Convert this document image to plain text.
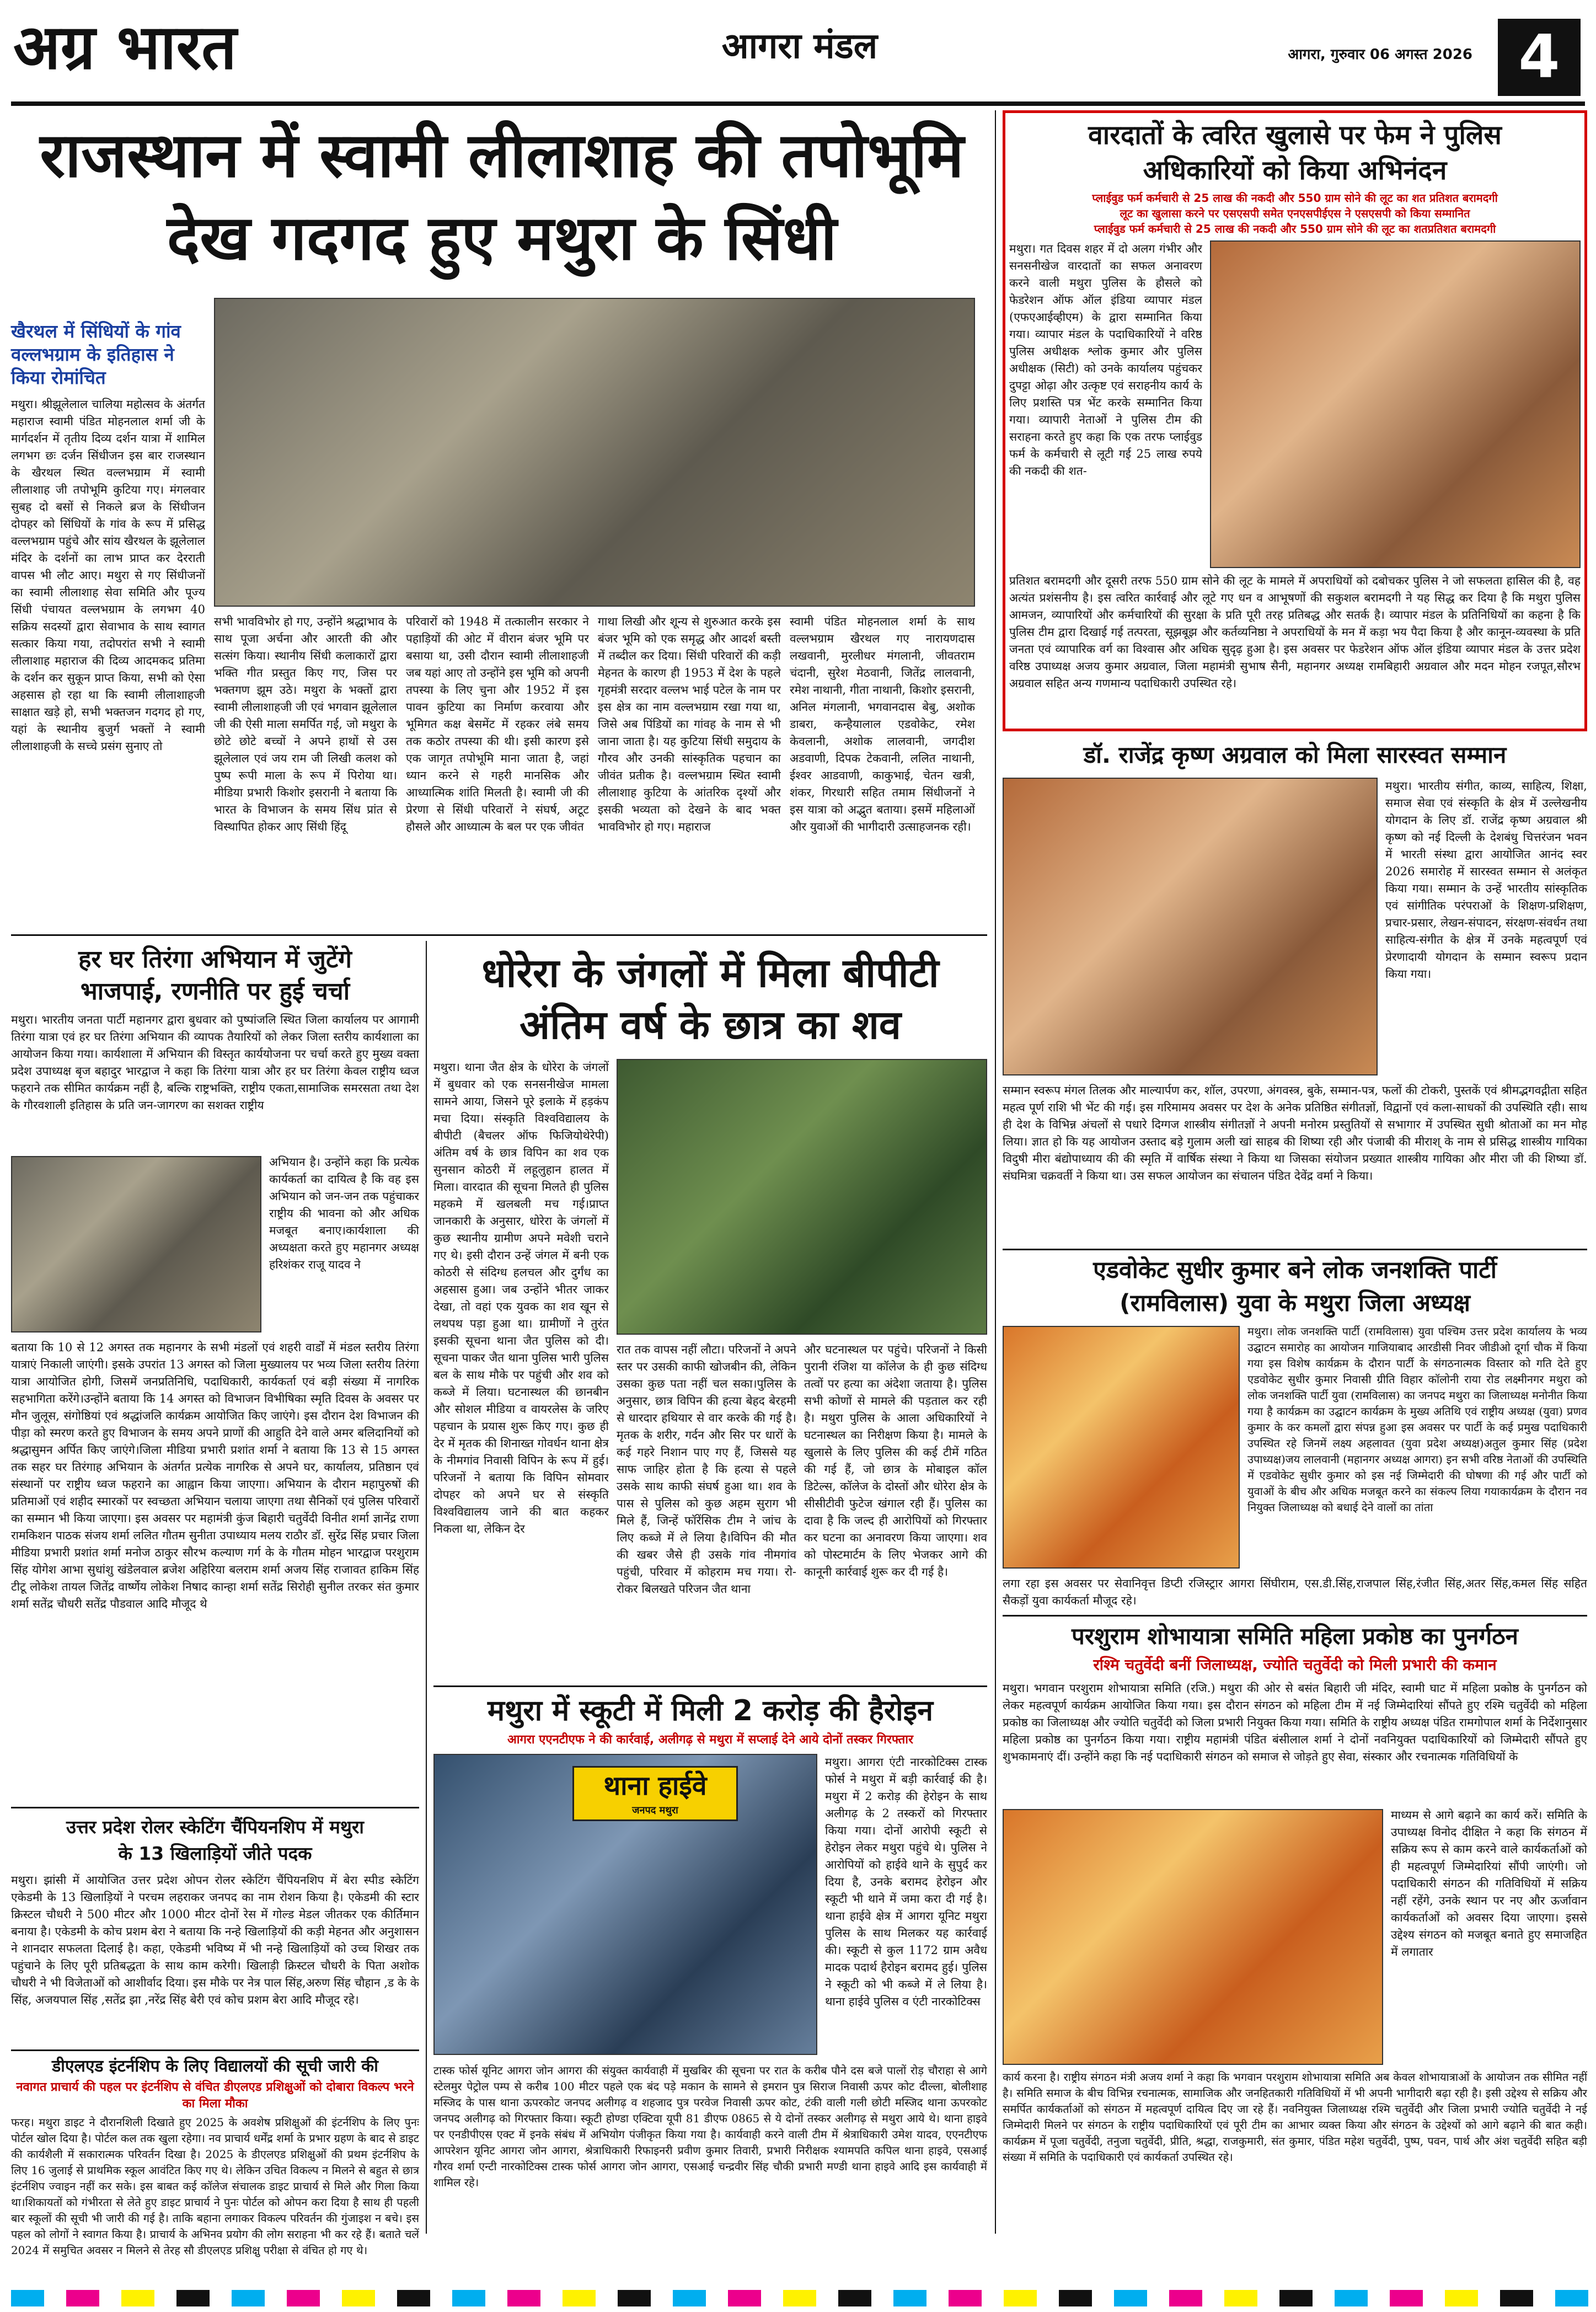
अग्र भारत	आगरा मंडल	आगरा, गुरुवार 06 अगस्त 2026 4
राजस्थान में स्वामी लीलाशाह की तपोभूमि
देख गदगद हुए मथुरा के सिंधी
खैरथल में सिंधियों के गांव वल्लभग्राम के इतिहास ने किया रोमांचित
मथुरा। श्रीझूलेलाल चालिया महोत्सव के अंतर्गत महाराज स्वामी पंडित मोहनलाल शर्मा जी के मार्गदर्शन में तृतीय दिव्य दर्शन यात्रा में शामिल लगभग छः दर्जन सिंधीजन इस बार राजस्थान के खैरथल स्थित वल्लभग्राम में स्वामी लीलाशाह जी तपोभूमि कुटिया गए। मंगलवार सुबह दो बसों से निकले ब्रज के सिंधीजन दोपहर को सिंधियों के गांव के रूप में प्रसिद्ध वल्लभग्राम पहुंचे और सांय खैरथल के झूलेलाल मंदिर के दर्शनों का लाभ प्राप्त कर देरराती वापस भी लौट आए। मथुरा से गए सिंधीजनों का स्वामी लीलाशाह सेवा समिति और पूज्य सिंधी पंचायत वल्लभग्राम के लगभग 40 सक्रिय सदस्यों द्वारा सेवाभाव के साथ स्वागत सत्कार किया गया, तदोपरांत सभी ने स्वामी लीलाशाह महाराज की दिव्य आदमकद प्रतिमा के दर्शन कर सुकून प्राप्त किया, सभी को ऐसा अहसास हो रहा था कि स्वामी लीलाशाहजी साक्षात खड़े हो, सभी भक्तजन गदगद हो गए, यहां के स्थानीय बुजुर्ग भक्तों ने स्वामी लीलाशाहजी के सच्चे प्रसंग सुनाए तो
सभी भावविभोर हो गए, उन्होंने श्रद्धाभाव के साथ पूजा अर्चना और आरती की और सत्संग किया। स्थानीय सिंधी कलाकारों द्वारा भक्ति गीत प्रस्तुत किए गए, जिस पर भक्तगण झूम उठे। मथुरा के भक्तों द्वारा स्वामी लीलाशाहजी जी एवं भगवान झूलेलाल जी की ऐसी माला समर्पित गई, जो मथुरा के छोटे छोटे बच्चों ने अपने हाथों से उस झूलेलाल एवं जय राम जी लिखी कलश को पुष्प रूपी माला के रूप में पिरोया था। मीडिया प्रभारी किशोर इसरानी ने बताया कि भारत के विभाजन के समय सिंध प्रांत से विस्थापित होकर आए सिंधी हिंदू
परिवारों को 1948 में तत्कालीन सरकार ने पहाड़ियों की ओट में वीरान बंजर भूमि पर बसाया था, उसी दौरान स्वामी लीलाशाहजी जब यहां आए तो उन्होंने इस भूमि को अपनी तपस्या के लिए चुना और 1952 में इस पावन कुटिया का निर्माण करवाया और भूमिगत कक्ष बेसमेंट में रहकर लंबे समय तक कठोर तपस्या की थी। इसी कारण इसे एक जागृत तपोभूमि माना जाता है, जहां ध्यान करने से गहरी मानसिक और आध्यात्मिक शांति मिलती है। स्वामी जी की प्रेरणा से सिंधी परिवारों ने संघर्ष, अटूट हौसले और आध्यात्म के बल पर एक जीवंत
गाथा लिखी और शून्य से शुरुआत करके इस बंजर भूमि को एक समृद्ध और आदर्श बस्ती में तब्दील कर दिया। सिंधी परिवारों की कड़ी मेहनत के कारण ही 1953 में देश के पहले गृहमंत्री सरदार वल्लभ भाई पटेल के नाम पर इस क्षेत्र का नाम वल्लभग्राम रखा गया था, जिसे अब पिंडियों का गांवह के नाम से भी जाना जाता है। यह कुटिया सिंधी समुदाय के गौरव और उनकी सांस्कृतिक पहचान का जीवंत प्रतीक है। वल्लभग्राम स्थित स्वामी लीलाशाह कुटिया के आंतरिक दृश्यों और इसकी भव्यता को देखने के बाद भक्त भावविभोर हो गए। महाराज
स्वामी पंडित मोहनलाल शर्मा के साथ वल्लभग्राम खैरथल गए नारायणदास लखवानी, मुरलीधर मंगलानी, जीवतराम चंदानी, सुरेश मेठवानी, जितेंद्र लालवानी, रमेश नाथानी, गीता नाथानी, किशोर इसरानी, अनिल मंगलानी, भगवानदास बेबु, अशोक डाबरा, कन्हैयालाल एडवोकेट, रमेश केवलानी, अशोक लालवानी, जगदीश अडवाणी, दिपक टेकवानी, ललित नाथानी, ईश्वर आडवाणी, काकुभाई, चेतन खत्री, शंकर, गिरधारी सहित तमाम सिंधीजनों ने इस यात्रा को अद्भुत बताया। इसमें महिलाओं और युवाओं की भागीदारी उत्साहजनक रही।
हर घर तिरंगा अभियान में जुटेंगे
भाजपाई, रणनीति पर हुई चर्चा
मथुरा। भारतीय जनता पार्टी महानगर द्वारा बुधवार को पुष्पांजलि स्थित जिला कार्यालय पर आगामी तिरंगा यात्रा एवं हर घर तिरंगा अभियान की व्यापक तैयारियों को लेकर जिला स्तरीय कार्यशाला का आयोजन किया गया। कार्यशाला में अभियान की विस्तृत कार्ययोजना पर चर्चा करते हुए मुख्य वक्ता प्रदेश उपाध्यक्ष बृज बहादुर भारद्वाज ने कहा कि तिरंगा यात्रा और हर घर तिरंगा केवल राष्ट्रीय ध्वज फहराने तक सीमित कार्यक्रम नहीं है, बल्कि राष्ट्रभक्ति, राष्ट्रीय एकता,सामाजिक समरसता तथा देश के गौरवशाली इतिहास के प्रति जन-जागरण का सशक्त राष्ट्रीय
अभियान है। उन्होंने कहा कि प्रत्येक कार्यकर्ता का दायित्व है कि वह इस अभियान को जन-जन तक पहुंचाकर राष्ट्रीय की भावना को और अधिक मजबूत बनाए।कार्यशाला की अध्यक्षता करते हुए महानगर अध्यक्ष हरिशंकर राजू यादव ने
बताया कि 10 से 12 अगस्त तक महानगर के सभी मंडलों एवं शहरी वार्डों में मंडल स्तरीय तिरंगा यात्राएं निकाली जाएंगी। इसके उपरांत 13 अगस्त को जिला मुख्यालय पर भव्य जिला स्तरीय तिरंगा यात्रा आयोजित होगी, जिसमें जनप्रतिनिधि, पदाधिकारी, कार्यकर्ता एवं बड़ी संख्या में नागरिक सहभागिता करेंगे।उन्होंने बताया कि 14 अगस्त को विभाजन विभीषिका स्मृति दिवस के अवसर पर मौन जुलूस, संगोष्ठियां एवं श्रद्धांजलि कार्यक्रम आयोजित किए जाएंगे। इस दौरान देश विभाजन की पीड़ा को स्मरण करते हुए विभाजन के समय अपने प्राणों की आहुति देने वाले अमर बलिदानियों को श्रद्धासुमन अर्पित किए जाएंगे।जिला मीडिया प्रभारी प्रशांत शर्मा ने बताया कि 13 से 15 अगस्त तक सहर घर तिरंगाह अभियान के अंतर्गत प्रत्येक नागरिक से अपने घर, कार्यालय, प्रतिष्ठान एवं संस्थानों पर राष्ट्रीय ध्वज फहराने का आह्वान किया जाएगा। अभियान के दौरान महापुरुषों की प्रतिमाओं एवं शहीद स्मारकों पर स्वच्छता अभियान चलाया जाएगा तथा सैनिकों एवं पुलिस परिवारों का सम्मान भी किया जाएगा। इस अवसर पर महामंत्री कुंज बिहारी चतुर्वेदी विनीत शर्मा ज्ञानेंद्र राणा रामकिशन पाठक संजय शर्मा ललित गौतम सुनीता उपाध्याय मलय राठौर डॉ. सुरेंद्र सिंह प्रचार जिला मीडिया प्रभारी प्रशांत शर्मा मनोज ठाकुर सौरभ कल्याण गर्ग के के गौतम मोहन भारद्वाज परशुराम सिंह योगेश आभा सुधांशु खंडेलवाल ब्रजेश अहिरिया बलराम शर्मा अजय सिंह राजावत हाकिम सिंह टीटू लोकेश तायल जितेंद्र वार्ष्णेय लोकेश निषाद कान्हा शर्मा सतेंद्र सिरोही सुनील तरकर संत कुमार शर्मा सतेंद्र चौधरी सतेंद्र पौडवाल आदि मौजूद थे
उत्तर प्रदेश रोलर स्केटिंग चैंपियनशिप में मथुरा
के 13 खिलाड़ियों जीते पदक
मथुरा। झांसी में आयोजित उत्तर प्रदेश ओपन रोलर स्केटिंग चैंपियनशिप में बेरा स्पीड स्केटिंग एकेडमी के 13 खिलाड़ियों ने परचम लहराकर जनपद का नाम रोशन किया है। एकेडमी की स्टार क्रिस्टल चौधरी ने 500 मीटर और 1000 मीटर दोनों रेस में गोल्ड मेडल जीतकर एक कीर्तिमान बनाया है। एकेडमी के कोच प्रशम बेरा ने बताया कि नन्हे खिलाड़ियों की कड़ी मेहनत और अनुशासन ने शानदार सफलता दिलाई है। कहा, एकेडमी भविष्य में भी नन्हे खिलाड़ियों को उच्च शिखर तक पहुंचाने के लिए पूरी प्रतिबद्धता के साथ काम करेगी। खिलाड़ी क्रिस्टल चौधरी के पिता अशोक चौधरी ने भी विजेताओं को आशीर्वाद दिया। इस मौके पर नेत्र पाल सिंह,अरुण सिंह चौहान ,ड के के सिंह, अजयपाल सिंह ,सतेंद्र झा ,नरेंद्र सिंह बेरी एवं कोच प्रशम बेरा आदि मौजूद रहे।
डीएलएड इंटर्नशिप के लिए विद्यालयों की सूची जारी की
नवागत प्राचार्य की पहल पर इंटर्नशिप से वंचित डीएलएड प्रशिक्षुओं को दोबारा विकल्प भरने का मिला मौका
फरह। मथुरा डाइट ने दौरानशिली दिखाते हुए 2025 के अवशेष प्रशिक्षुओं की इंटर्नशिप के लिए पुनः पोर्टल खोल दिया है। पोर्टल कल तक खुला रहेगा। नव प्राचार्य धर्मेंद्र शर्मा के प्रभार ग्रहण के बाद से डाइट की कार्यशैली में सकारात्मक परिवर्तन दिखा है। 2025 के डीएलएड प्रशिक्षुओं की प्रथम इंटर्नशिप के लिए 16 जुलाई से प्राथमिक स्कूल आवंटित किए गए थे। लेकिन उचित विकल्प न मिलने से बहुत से छात्र इंटर्नशिप ज्वाइन नहीं कर सके। इस बाबत कई कॉलेज संचालक डाइट प्राचार्य से मिले और गिला किया था।शिकायतों को गंभीरता से लेते हुए डाइट प्राचार्य ने पुनः पोर्टल को ओपन करा दिया है साथ ही पहली बार स्कूलों की सूची भी जारी की गई है। ताकि बहाना लगाकर विकल्प परिवर्तन की गुंजाइश न बचे। इस पहल को लोगों ने स्वागत किया है। प्राचार्य के अभिनव प्रयोग की लोग सराहना भी कर रहे हैं। बताते चलें 2024 में समुचित अवसर न मिलने से तेरह सौ डीएलएड प्रशिक्षु परीक्षा से वंचित हो गए थे।
धोरेरा के जंगलों में मिला बीपीटी
अंतिम वर्ष के छात्र का शव
मथुरा। थाना जैत क्षेत्र के धोरेरा के जंगलों में बुधवार को एक सनसनीखेज मामला सामने आया, जिसने पूरे इलाके में हड़कंप मचा दिया। संस्कृति विश्वविद्यालय के बीपीटी (बैचलर ऑफ फिजियोथेरेपी) अंतिम वर्ष के छात्र विपिन का शव एक सुनसान कोठरी में लहूलुहान हालत में मिला। वारदात की सूचना मिलते ही पुलिस महकमे में खलबली मच गई।प्राप्त जानकारी के अनुसार, धोरेरा के जंगलों में कुछ स्थानीय ग्रामीण अपने मवेशी चराने गए थे। इसी दौरान उन्हें जंगल में बनी एक कोठरी से संदिग्ध हलचल और दुर्गंध का अहसास हुआ। जब उन्होंने भीतर जाकर देखा, तो वहां एक युवक का शव खून से लथपथ पड़ा हुआ था। ग्रामीणों ने तुरंत इसकी सूचना थाना जैत पुलिस को दी।सूचना पाकर जैत थाना पुलिस भारी पुलिस बल के साथ मौके पर पहुंची और शव को कब्जे में लिया। घटनास्थल की छानबीन और सोशल मीडिया व वायरलेस के जरिए पहचान के प्रयास शुरू किए गए। कुछ ही देर में मृतक की शिनाख्त गोवर्धन थाना क्षेत्र के नीमगांव निवासी विपिन के रूप में हुई। परिजनों ने बताया कि विपिन सोमवार दोपहर को अपने घर से संस्कृति विश्वविद्यालय जाने की बात कहकर निकला था, लेकिन देर
रात तक वापस नहीं लौटा। परिजनों ने अपने स्तर पर उसकी काफी खोजबीन की, लेकिन उसका कुछ पता नहीं चल सका।पुलिस के अनुसार, छात्र विपिन की हत्या बेहद बेरहमी से धारदार हथियार से वार करके की गई है। मृतक के शरीर, गर्दन और सिर पर धारों के कई गहरे निशान पाए गए हैं, जिससे यह साफ जाहिर होता है कि हत्या से पहले उसके साथ काफी संघर्ष हुआ था। शव के पास से पुलिस को कुछ अहम सुराग भी मिले हैं, जिन्हें फॉरेंसिक टीम ने जांच के लिए कब्जे में ले लिया है।विपिन की मौत की खबर जैसे ही उसके गांव नीमगांव पहुंची, परिवार में कोहराम मच गया। रो-रोकर बिलखते परिजन जैत थाना
और घटनास्थल पर पहुंचे। परिजनों ने किसी पुरानी रंजिश या कॉलेज के ही कुछ संदिग्ध तत्वों पर हत्या का अंदेशा जताया है। पुलिस सभी कोणों से मामले की पड़ताल कर रही है। मथुरा पुलिस के आला अधिकारियों ने घटनास्थल का निरीक्षण किया है। मामले के खुलासे के लिए पुलिस की कई टीमें गठित की गई हैं, जो छात्र के मोबाइल कॉल डिटेल्स, कॉलेज के दोस्तों और धोरेरा क्षेत्र के सीसीटीवी फुटेज खंगाल रही हैं। पुलिस का दावा है कि जल्द ही आरोपियों को गिरफ्तार कर घटना का अनावरण किया जाएगा। शव को पोस्टमार्टम के लिए भेजकर आगे की कानूनी कार्रवाई शुरू कर दी गई है।
मथुरा में स्कूटी में मिली 2 करोड़ की हैरोइन
आगरा एएनटीएफ ने की कार्रवाई, अलीगढ़ से मथुरा में सप्लाई देने आये दोनों तस्कर गिरफ्तार
थाना हाईवे
जनपद मथुरा
मथुरा। आगरा एंटी नारकोटिक्स टास्क फोर्स ने मथुरा में बड़ी कार्रवाई की है। मथुरा में 2 करोड़ की हेरोइन के साथ अलीगढ़ के 2 तस्करों को गिरफ्तार किया गया। दोनों आरोपी स्कूटी से हेरोइन लेकर मथुरा पहुंचे थे। पुलिस ने आरोपियों को हाईवे थाने के सुपुर्द कर दिया है, उनके बरामद हेरोइन और स्कूटी भी थाने में जमा करा दी गई है। थाना हाईवे क्षेत्र में आगरा यूनिट मथुरा पुलिस के साथ मिलकर यह कार्रवाई की। स्कूटी से कुल 1172 ग्राम अवैध मादक पदार्थ हैरोइन बरामद हुई। पुलिस ने स्कूटी को भी कब्जे में ले लिया है। थाना हाईवे पुलिस व एंटी नारकोटिक्स
टास्क फोर्स यूनिट आगरा जोन आगरा की संयुक्त कार्यवाही में मुखबिर की सूचना पर रात के करीब पौने दस बजे पालों रोड़ चौराहा से आगे स्टेलमुर पेट्रोल पम्प से करीब 100 मीटर पहले एक बंद पड़े मकान के सामने से इमरान पुत्र सिराज निवासी ऊपर कोट दील्ला, बोलीशाह मस्जिद के पास थाना ऊपरकोट जनपद अलीगढ़ व शहजाद पुत्र परवेज निवासी ऊपर कोट, टंकी वाली गली छोटी मस्जिद थाना ऊपरकोट जनपद अलीगढ़ को गिरफ्तार किया। स्कूटी होण्डा एक्टिवा यूपी 81 डीएफ 0865 से ये दोनों तस्कर अलीगढ़ से मथुरा आये थे। थाना हाइवे पर एनडीपीएस एक्ट में इनके संबंध में अभियोग पंजीकृत किया गया है। कार्यवाही करने वाली टीम में श्रेत्राधिकारी उमेश यादव, एएनटीएफ आपरेशन यूनिट आगरा जोन आगरा, श्रेत्राधिकारी रिफाइनरी प्रवीण कुमार तिवारी, प्रभारी निरीक्षक श्यामपति कपिल थाना हाइवे, एसआई गौरव शर्मा एन्टी नारकोटिक्स टास्क फोर्स आगरा जोन आगरा, एसआई चन्द्रवीर सिंह चौकी प्रभारी मण्डी थाना हाइवे आदि इस कार्यवाही में शामिल रहे।
वारदातों के त्वरित खुलासे पर फेम ने पुलिस
अधिकारियों को किया अभिनंदन
प्लाईवुड फर्म कर्मचारी से 25 लाख की नकदी और 550 ग्राम सोने की लूट का शत प्रतिशत बरामदगी
लूट का खुलासा करने पर एसएसपी समेत एनएसपीईएस ने एसएसपी को किया सम्मानित
प्लाईवुड फर्म कर्मचारी से 25 लाख की नकदी और 550 ग्राम सोने की लूट का शतप्रतिशत बरामदगी
मथुरा। गत दिवस शहर में दो अलग गंभीर और सनसनीखेज वारदातों का सफल अनावरण करने वाली मथुरा पुलिस के हौसले को फेडरेशन ऑफ ऑल इंडिया व्यापार मंडल (एफएआईव्हीएम) के द्वारा सम्मानित किया गया। व्यापार मंडल के पदाधिकारियों ने वरिष्ठ पुलिस अधीक्षक श्लोक कुमार और पुलिस अधीक्षक (सिटी) को उनके कार्यालय पहुंचकर दुपट्टा ओढ़ा और उत्कृष्ट एवं सराहनीय कार्य के लिए प्रशस्ति पत्र भेंट करके सम्मानित किया गया। व्यापारी नेताओं ने पुलिस टीम की सराहना करते हुए कहा कि एक तरफ प्लाईवुड फर्म के कर्मचारी से लूटी गई 25 लाख रुपये की नकदी की शत-
प्रतिशत बरामदगी और दूसरी तरफ 550 ग्राम सोने की लूट के मामले में अपराधियों को दबोचकर पुलिस ने जो सफलता हासिल की है, वह अत्यंत प्रशंसनीय है। इस त्वरित कार्रवाई और लूटे गए धन व आभूषणों की सकुशल बरामदगी ने यह सिद्ध कर दिया है कि मथुरा पुलिस आमजन, व्यापारियों और कर्मचारियों की सुरक्षा के प्रति पूरी तरह प्रतिबद्ध और सतर्क है। व्यापार मंडल के प्रतिनिधियों का कहना है कि पुलिस टीम द्वारा दिखाई गई तत्परता, सूझबूझ और कर्तव्यनिष्ठा ने अपराधियों के मन में कड़ा भय पैदा किया है और कानून-व्यवस्था के प्रति जनता एवं व्यापारिक वर्ग का विश्वास और अधिक सुदृढ़ हुआ है। इस अवसर पर फेडरेशन ऑफ ऑल इंडिया व्यापार मंडल के उत्तर प्रदेश वरिष्ठ उपाध्यक्ष अजय कुमार अग्रवाल, जिला महामंत्री सुभाष सैनी, महानगर अध्यक्ष रामबिहारी अग्रवाल और मदन मोहन रजपूत,सौरभ अग्रवाल सहित अन्य गणमान्य पदाधिकारी उपस्थित रहे।
डॉ. राजेंद्र कृष्ण अग्रवाल को मिला सारस्वत सम्मान
मथुरा। भारतीय संगीत, काव्य, साहित्य, शिक्षा, समाज सेवा एवं संस्कृति के क्षेत्र में उल्लेखनीय योगदान के लिए डॉ. राजेंद्र कृष्ण अग्रवाल श्री कृष्ण को नई दिल्ली के देशबंधु चित्तरंजन भवन में भारती संस्था द्वारा आयोजित आनंद स्वर 2026 समारोह में सारस्वत सम्मान से अलंकृत किया गया। सम्मान के उन्हें भारतीय सांस्कृतिक एवं सांगीतिक परंपराओं के शिक्षण-प्रशिक्षण, प्रचार-प्रसार, लेखन-संपादन, संरक्षण-संवर्धन तथा साहित्य-संगीत के क्षेत्र में उनके महत्वपूर्ण एवं प्रेरणादायी योगदान के सम्मान स्वरूप प्रदान किया गया।
सम्मान स्वरूप मंगल तिलक और माल्यार्पण कर, शॉल, उपरणा, अंगवस्त्र, बुके, सम्मान-पत्र, फलों की टोकरी, पुस्तकें एवं श्रीमद्भगवद्गीता सहित महत्व पूर्ण राशि भी भेंट की गई। इस गरिमामय अवसर पर देश के अनेक प्रतिष्ठित संगीतज्ञों, विद्वानों एवं कला-साधकों की उपस्थिति रही। साथ ही देश के विभिन्न अंचलों से पधारे दिग्गज शास्त्रीय संगीतज्ञों ने अपनी मनोरम प्रस्तुतियों से सभागार में उपस्थित सुधी श्रोताओं का मन मोह लिया। ज्ञात हो कि यह आयोजन उस्ताद बड़े गुलाम अली खां साहब की शिष्या रही और पंजाबी की मीराश् के नाम से प्रसिद्ध शास्त्रीय गायिका विदुषी मीरा बंद्योपाध्याय की की स्मृति में वार्षिक संस्था ने किया था जिसका संयोजन प्रख्यात शास्त्रीय गायिका और मीरा जी की शिष्या डॉ. संघमित्रा चक्रवर्ती ने किया था। उस सफल आयोजन का संचालन पंडित देवेंद्र वर्मा ने किया।
एडवोकेट सुधीर कुमार बने लोक जनशक्ति पार्टी
(रामविलास) युवा के मथुरा जिला अध्यक्ष
मथुरा। लोक जनशक्ति पार्टी (रामविलास) युवा पश्चिम उत्तर प्रदेश कार्यालय के भव्य उद्घाटन समारोह का आयोजन गाजियाबाद आरडीसी निवर जीडीओ दूर्गा चौक में किया गया इस विशेष कार्यक्रम के दौरान पार्टी के संगठनात्मक विस्तार को गति देते हुए एडवोकेट सुधीर कुमार निवासी ग्रीति विहार कॉलोनी राया रोड लक्ष्मीनगर मथुरा को लोक जनशक्ति पार्टी युवा (रामविलास) का जनपद मथुरा का जिलाध्यक्ष मनोनीत किया गया है कार्यक्रम का उद्घाटन कार्यक्रम के मुख्य अतिथि एवं राष्ट्रीय अध्यक्ष (युवा) प्रणव कुमार के कर कमलों द्वारा संपन्न हुआ इस अवसर पर पार्टी के कई प्रमुख पदाधिकारी उपस्थित रहे जिनमें लक्ष्य अहलावत (युवा प्रदेश अध्यक्ष)अतुल कुमार सिंह (प्रदेश उपाध्यक्ष)जय लालवानी (महानगर अध्यक्ष आगरा) इन सभी वरिष्ठ नेताओं की उपस्थिति में एडवोकेट सुधीर कुमार को इस नई जिम्मेदारी की घोषणा की गई और पार्टी को युवाओं के बीच और अधिक मजबूत करने का संकल्प लिया गयाकार्यक्रम के दौरान नव नियुक्त जिलाध्यक्ष को बधाई देने वालों का तांता
लगा रहा इस अवसर पर सेवानिवृत्त डिप्टी रजिस्ट्रार आगरा सिंघीराम, एस.डी.सिंह,राजपाल सिंह,रंजीत सिंह,अतर सिंह,कमल सिंह सहित सैकड़ों युवा कार्यकर्ता मौजूद रहे।
परशुराम शोभायात्रा समिति महिला प्रकोष्ठ का पुनर्गठन
रश्मि चतुर्वेदी बनीं जिलाध्यक्ष, ज्योति चतुर्वेदी को मिली प्रभारी की कमान
मथुरा। भगवान परशुराम शोभायात्रा समिति (रजि.) मथुरा की ओर से बसंत बिहारी जी मंदिर, स्वामी घाट में महिला प्रकोष्ठ के पुनर्गठन को लेकर महत्वपूर्ण कार्यक्रम आयोजित किया गया। इस दौरान संगठन को महिला टीम में नई जिम्मेदारियां सौंपते हुए रश्मि चतुर्वेदी को महिला प्रकोष्ठ का जिलाध्यक्ष और ज्योति चतुर्वेदी को जिला प्रभारी नियुक्त किया गया। समिति के राष्ट्रीय अध्यक्ष पंडित रामगोपाल शर्मा के निर्देशानुसार महिला प्रकोष्ठ का पुनर्गठन किया गया। राष्ट्रीय महामंत्री पंडित बंसीलाल शर्मा ने दोनों नवनियुक्त पदाधिकारियों को जिम्मेदारी सौंपते हुए शुभकामनाएं दीं। उन्होंने कहा कि नई पदाधिकारी संगठन को समाज से जोड़ते हुए सेवा, संस्कार और रचनात्मक गतिविधियों के
माध्यम से आगे बढ़ाने का कार्य करें। समिति के उपाध्यक्ष विनोद दीक्षित ने कहा कि संगठन में सक्रिय रूप से काम करने वाले कार्यकर्ताओं को ही महत्वपूर्ण जिम्मेदारियां सौंपी जाएंगी। जो पदाधिकारी संगठन की गतिविधियों में सक्रिय नहीं रहेंगे, उनके स्थान पर नए और ऊर्जावान कार्यकर्ताओं को अवसर दिया जाएगा। इससे उद्देश्य संगठन को मजबूत बनाते हुए समाजहित में लगातार
कार्य करना है। राष्ट्रीय संगठन मंत्री अजय शर्मा ने कहा कि भगवान परशुराम शोभायात्रा समिति अब केवल शोभायात्राओं के आयोजन तक सीमित नहीं है। समिति समाज के बीच विभिन्न रचनात्मक, सामाजिक और जनहितकारी गतिविधियों में भी अपनी भागीदारी बढ़ा रही है। इसी उद्देश्य से सक्रिय और समर्पित कार्यकर्ताओं को संगठन में महत्वपूर्ण दायित्व दिए जा रहे हैं। नवनियुक्त जिलाध्यक्ष रश्मि चतुर्वेदी और जिला प्रभारी ज्योति चतुर्वेदी ने नई जिम्मेदारी मिलने पर संगठन के राष्ट्रीय पदाधिकारियों एवं पूरी टीम का आभार व्यक्त किया और संगठन के उद्देश्यों को आगे बढ़ाने की बात कही। कार्यक्रम में पूजा चतुर्वेदी, तनुजा चतुर्वेदी, प्रीति, श्रद्धा, राजकुमारी, संत कुमार, पंडित महेश चतुर्वेदी, पुष्प, पवन, पार्थ और अंश चतुर्वेदी सहित बड़ी संख्या में समिति के पदाधिकारी एवं कार्यकर्ता उपस्थित रहे।
